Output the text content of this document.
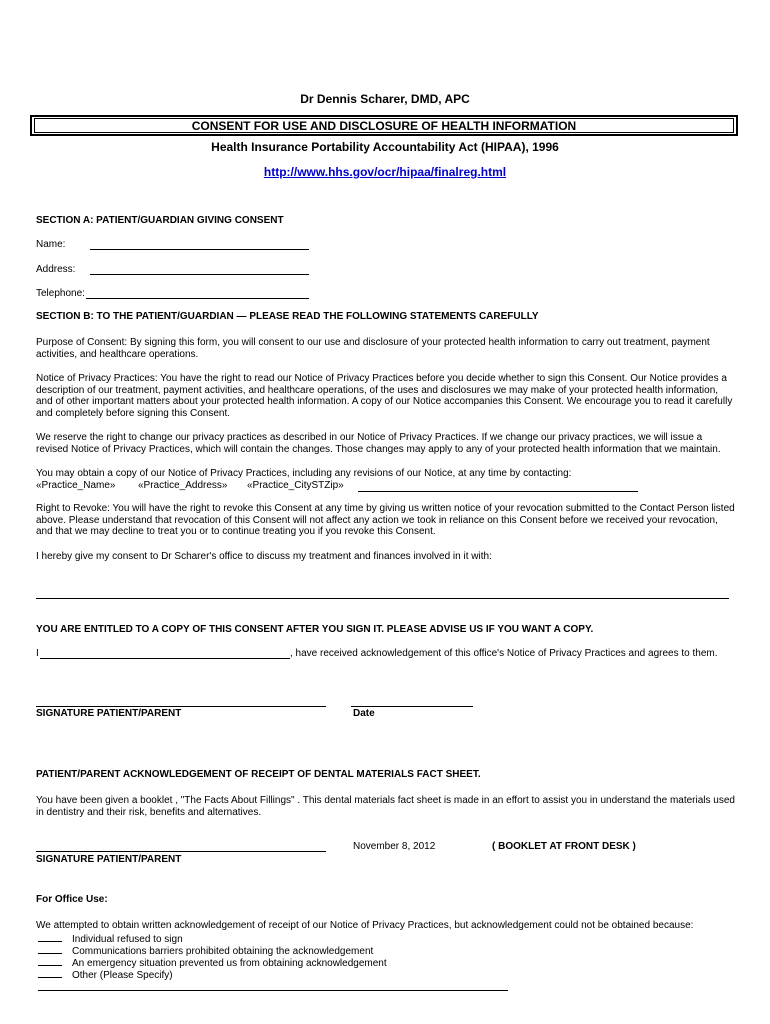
Dr Dennis Scharer, DMD, APC
CONSENT FOR USE AND DISCLOSURE OF HEALTH INFORMATION
Health Insurance Portability Accountability Act (HIPAA), 1996
http://www.hhs.gov/ocr/hipaa/finalreg.html
SECTION A: PATIENT/GUARDIAN GIVING CONSENT
Name:
Address:
Telephone:
SECTION B: TO THE PATIENT/GUARDIAN — PLEASE READ THE FOLLOWING STATEMENTS CAREFULLY
Purpose of Consent: By signing this form, you will consent to our use and disclosure of your protected health information to carry out treatment, payment activities, and healthcare operations.
Notice of Privacy Practices: You have the right to read our Notice of Privacy Practices before you decide whether to sign this Consent. Our Notice provides a description of our treatment, payment activities, and healthcare operations, of the uses and disclosures we may make of your protected health information, and of other important matters about your protected health information. A copy of our Notice accompanies this Consent. We encourage you to read it carefully and completely before signing this Consent.
We reserve the right to change our privacy practices as described in our Notice of Privacy Practices. If we change our privacy practices, we will issue a revised Notice of Privacy Practices, which will contain the changes. Those changes may apply to any of your protected health information that we maintain.
You may obtain a copy of our Notice of Privacy Practices, including any revisions of our Notice, at any time by contacting:
«Practice_Name» «Practice_Address» «Practice_CitySTZip»
Right to Revoke: You will have the right to revoke this Consent at any time by giving us written notice of your revocation submitted to the Contact Person listed above. Please understand that revocation of this Consent will not affect any action we took in reliance on this Consent before we received your revocation, and that we may decline to treat you or to continue treating you if you revoke this Consent.
I hereby give my consent to Dr Scharer's office to discuss my treatment and finances involved in it with:
YOU ARE ENTITLED TO A COPY OF THIS CONSENT AFTER YOU SIGN IT. PLEASE ADVISE US IF YOU WANT A COPY.
I	, have received acknowledgement of this office's Notice of Privacy Practices and agrees to them.
SIGNATURE PATIENT/PARENT	Date
PATIENT/PARENT ACKNOWLEDGEMENT OF RECEIPT OF DENTAL MATERIALS FACT SHEET.
You have been given a booklet , "The Facts About Fillings" . This dental materials fact sheet is made in an effort to assist you in understand the materials used in dentistry and their risk, benefits and alternatives.
November 8, 2012	( BOOKLET AT FRONT DESK )
SIGNATURE PATIENT/PARENT
For Office Use:
We attempted to obtain written acknowledgement of receipt of our Notice of Privacy Practices, but acknowledgement could not be obtained because:
Individual refused to sign
Communications barriers prohibited obtaining the acknowledgement
An emergency situation prevented us from obtaining acknowledgement
Other (Please Specify)
